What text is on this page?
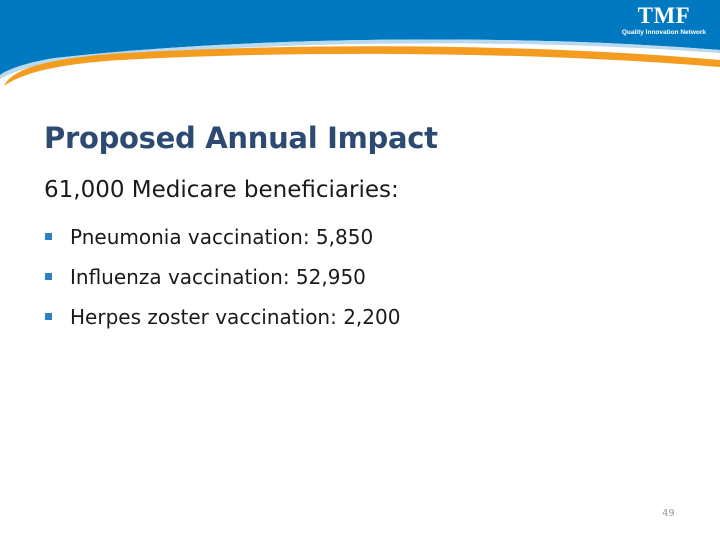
TMF
Quality Innovation Network
Proposed Annual Impact
61,000 Medicare beneficiaries:
Pneumonia vaccination: 5,850
Influenza vaccination: 52,950
Herpes zoster vaccination: 2,200
49
